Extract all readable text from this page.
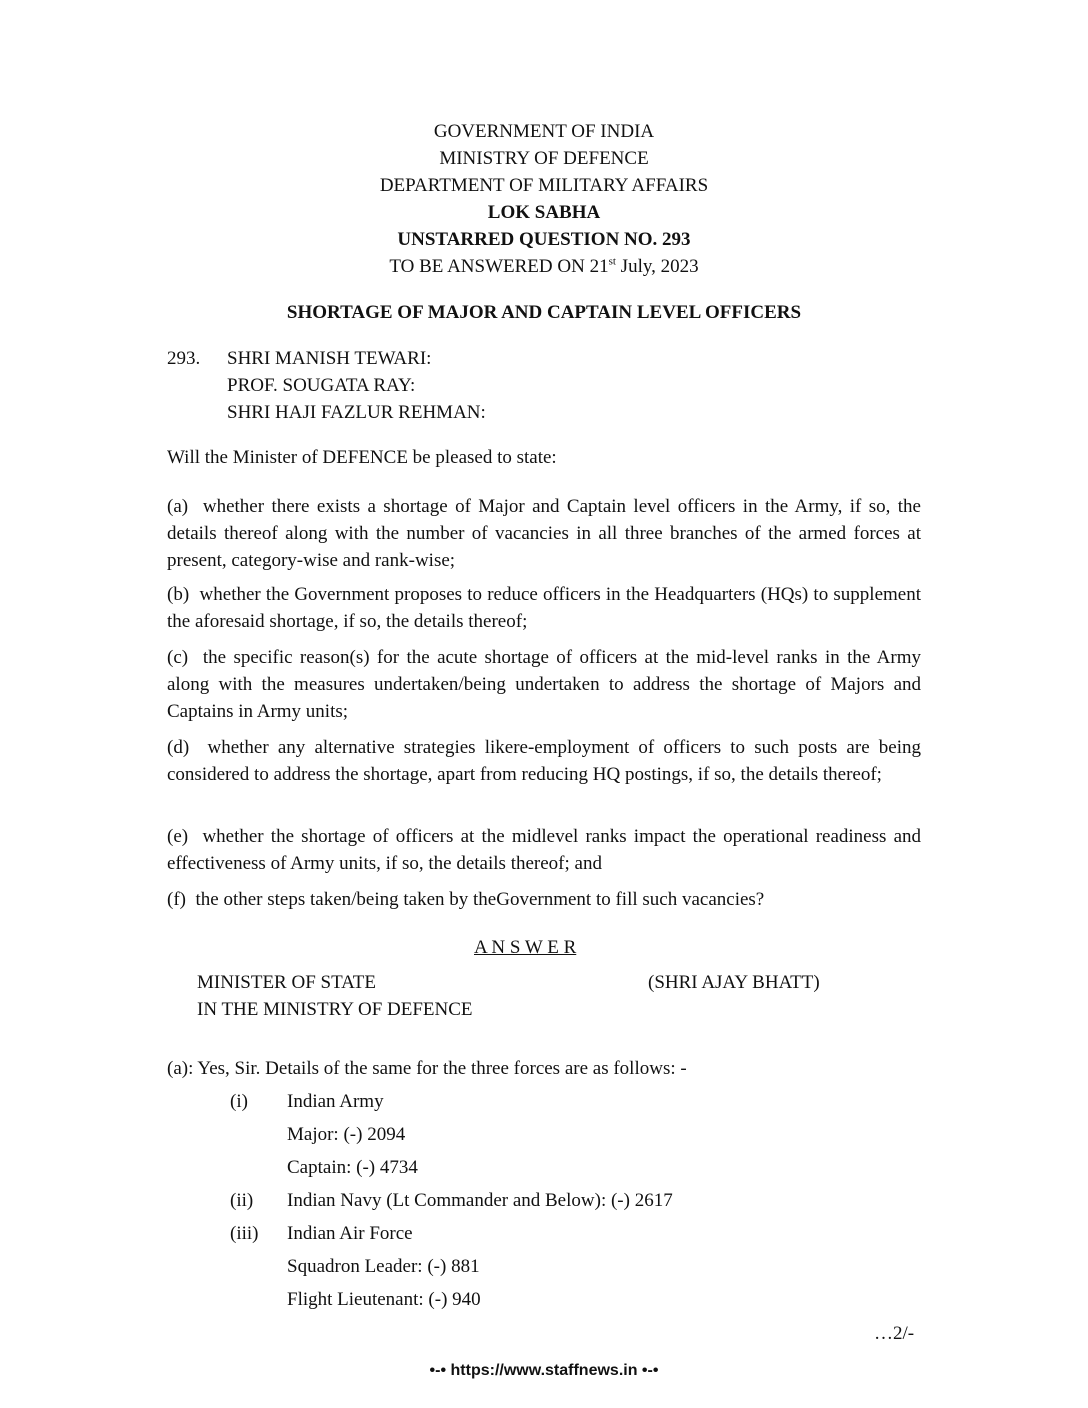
GOVERNMENT OF INDIA
MINISTRY OF DEFENCE
DEPARTMENT OF MILITARY AFFAIRS
LOK SABHA
UNSTARRED QUESTION NO. 293
TO BE ANSWERED ON 21st July, 2023
SHORTAGE OF MAJOR AND CAPTAIN LEVEL OFFICERS
293. SHRI MANISH TEWARI:
PROF. SOUGATA RAY:
SHRI HAJI FAZLUR REHMAN:
Will the Minister of DEFENCE be pleased to state:
(a) whether there exists a shortage of Major and Captain level officers in the Army, if so, the details thereof along with the number of vacancies in all three branches of the armed forces at present, category-wise and rank-wise;
(b) whether the Government proposes to reduce officers in the Headquarters (HQs) to supplement the aforesaid shortage, if so, the details thereof;
(c) the specific reason(s) for the acute shortage of officers at the mid-level ranks in the Army along with the measures undertaken/being undertaken to address the shortage of Majors and Captains in Army units;
(d) whether any alternative strategies likere-employment of officers to such posts are being considered to address the shortage, apart from reducing HQ postings, if so, the details thereof;
(e) whether the shortage of officers at the midlevel ranks impact the operational readiness and effectiveness of Army units, if so, the details thereof; and
(f) the other steps taken/being taken by theGovernment to fill such vacancies?
A N S W E R
MINISTER OF STATE
IN THE MINISTRY OF DEFENCE
(SHRI AJAY BHATT)
(a): Yes, Sir. Details of the same for the three forces are as follows: -
(i) Indian Army
Major: (-) 2094
Captain: (-) 4734
(ii) Indian Navy (Lt Commander and Below): (-) 2617
(iii) Indian Air Force
Squadron Leader: (-) 881
Flight Lieutenant: (-) 940
…2/-
•-• https://www.staffnews.in •-•
